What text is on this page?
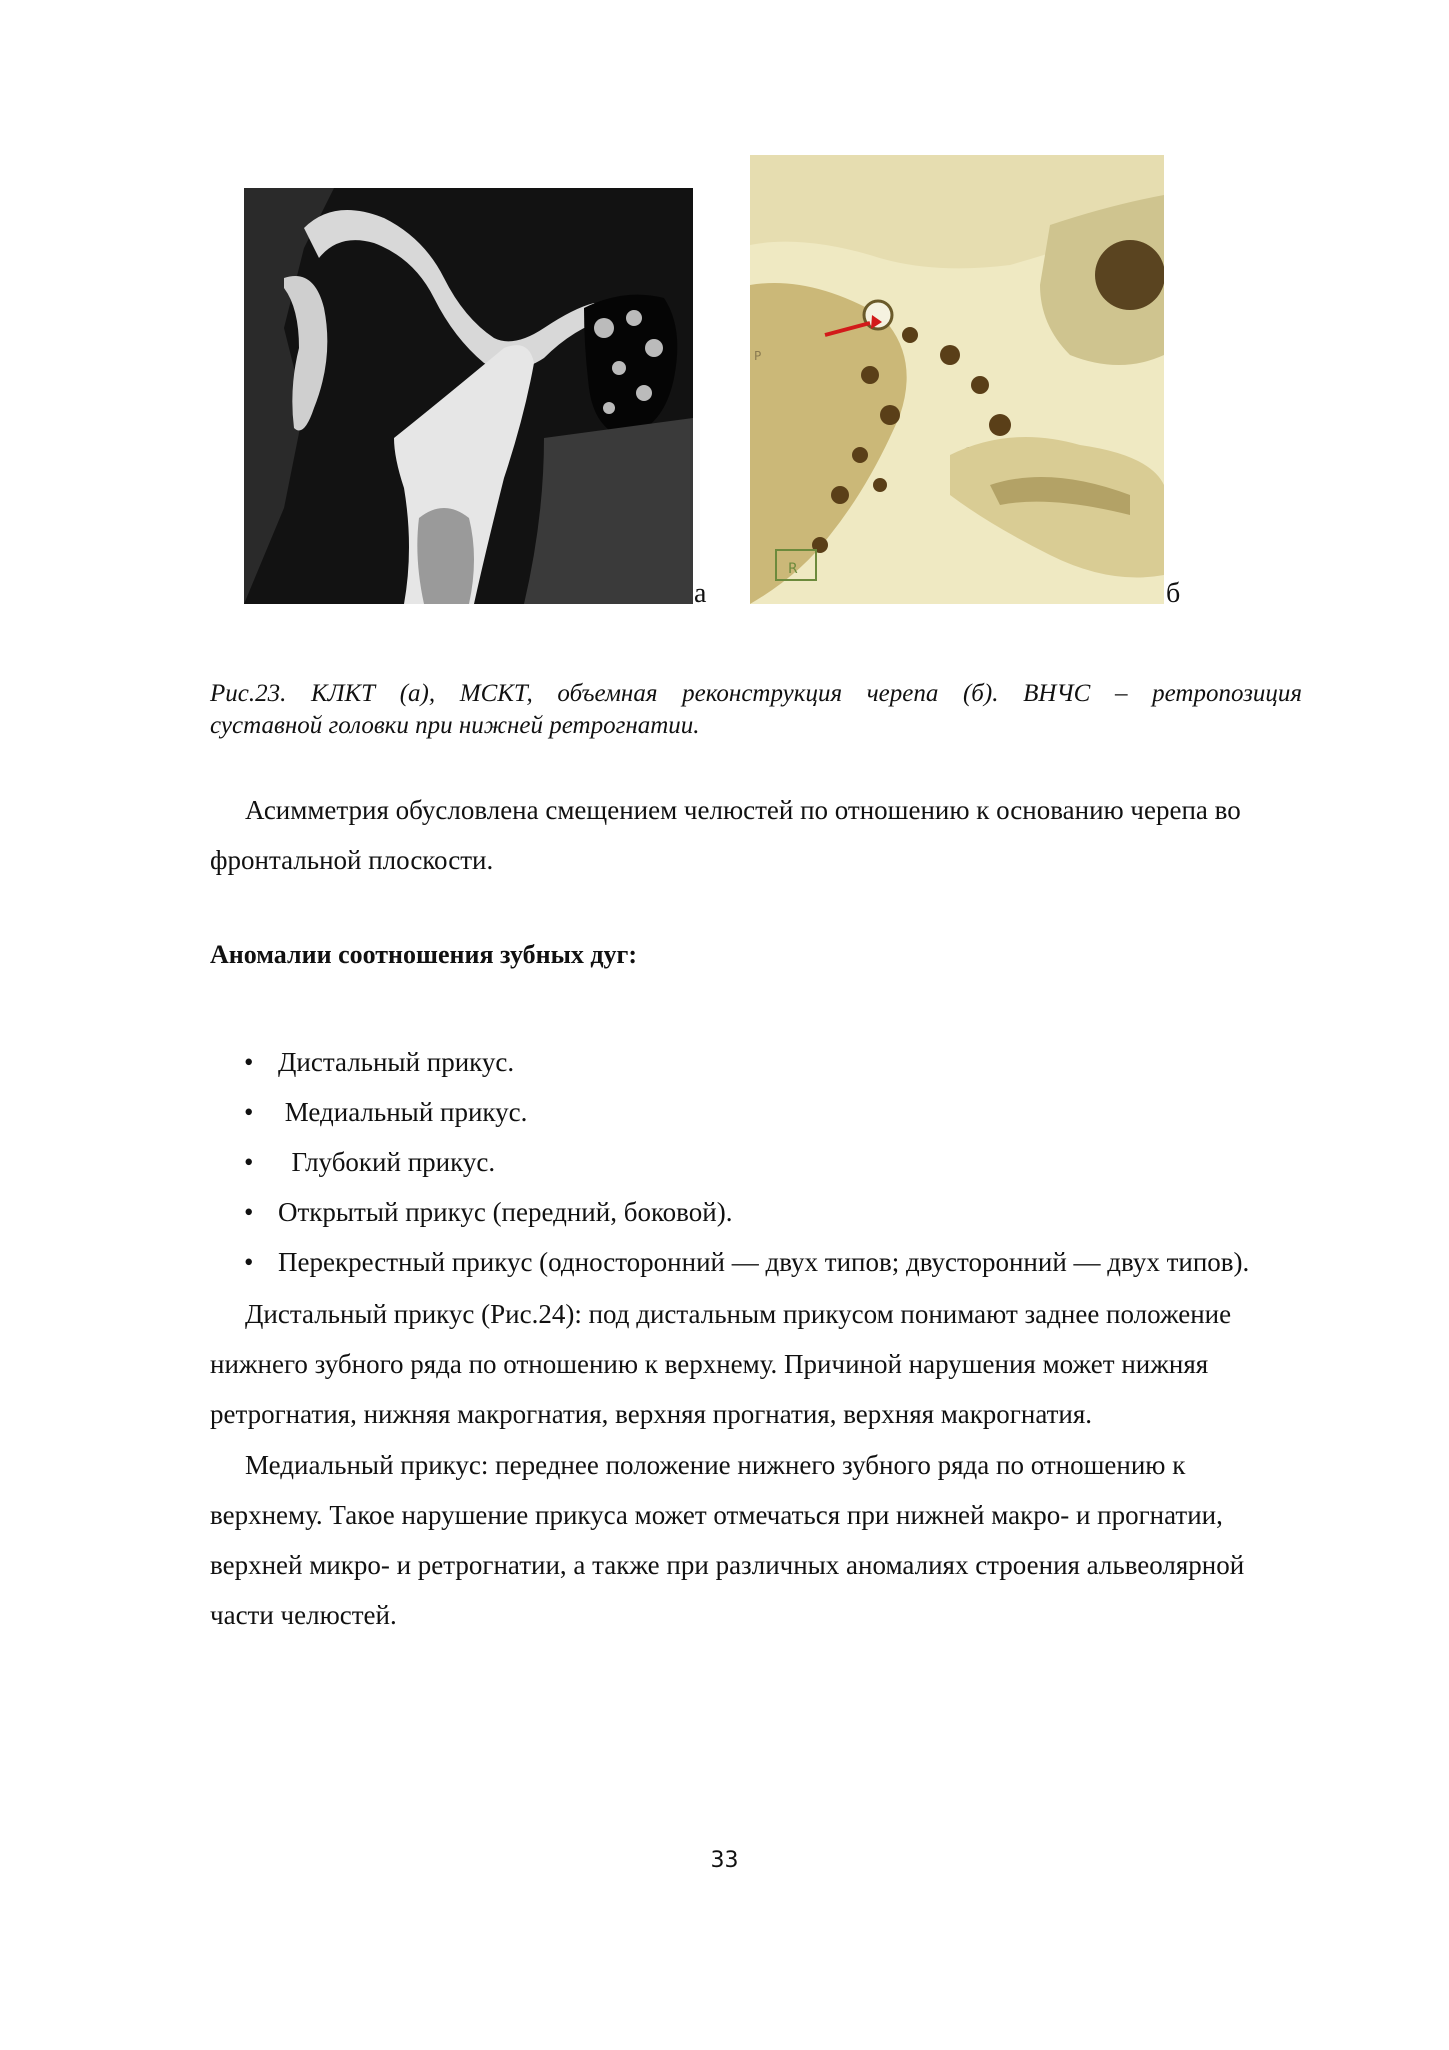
а
P
R
б
Рис.23. КЛКТ (а), МСКТ, объемная реконструкция черепа (б). ВНЧС – ретропозиция
суставной головки при нижней ретрогнатии.
Асимметрия обусловлена смещением челюстей по отношению к основанию черепа во
фронтальной плоскости.
Аномалии соотношения зубных дуг:
• Дистальный прикус.
• Медиальный прикус.
•  Глубокий прикус.
• Открытый прикус (передний, боковой).
• Перекрестный прикус (односторонний — двух типов; двусторонний — двух типов).
Дистальный прикус (Рис.24): под дистальным прикусом понимают заднее положение
нижнего зубного ряда по отношению к верхнему. Причиной нарушения может нижняя
ретрогнатия, нижняя макрогнатия, верхняя прогнатия, верхняя макрогнатия.
Медиальный прикус: переднее положение нижнего зубного ряда по отношению к
верхнему. Такое нарушение прикуса может отмечаться при нижней макро- и прогнатии,
верхней микро- и ретрогнатии, а также при различных аномалиях строения альвеолярной
части челюстей.
33
